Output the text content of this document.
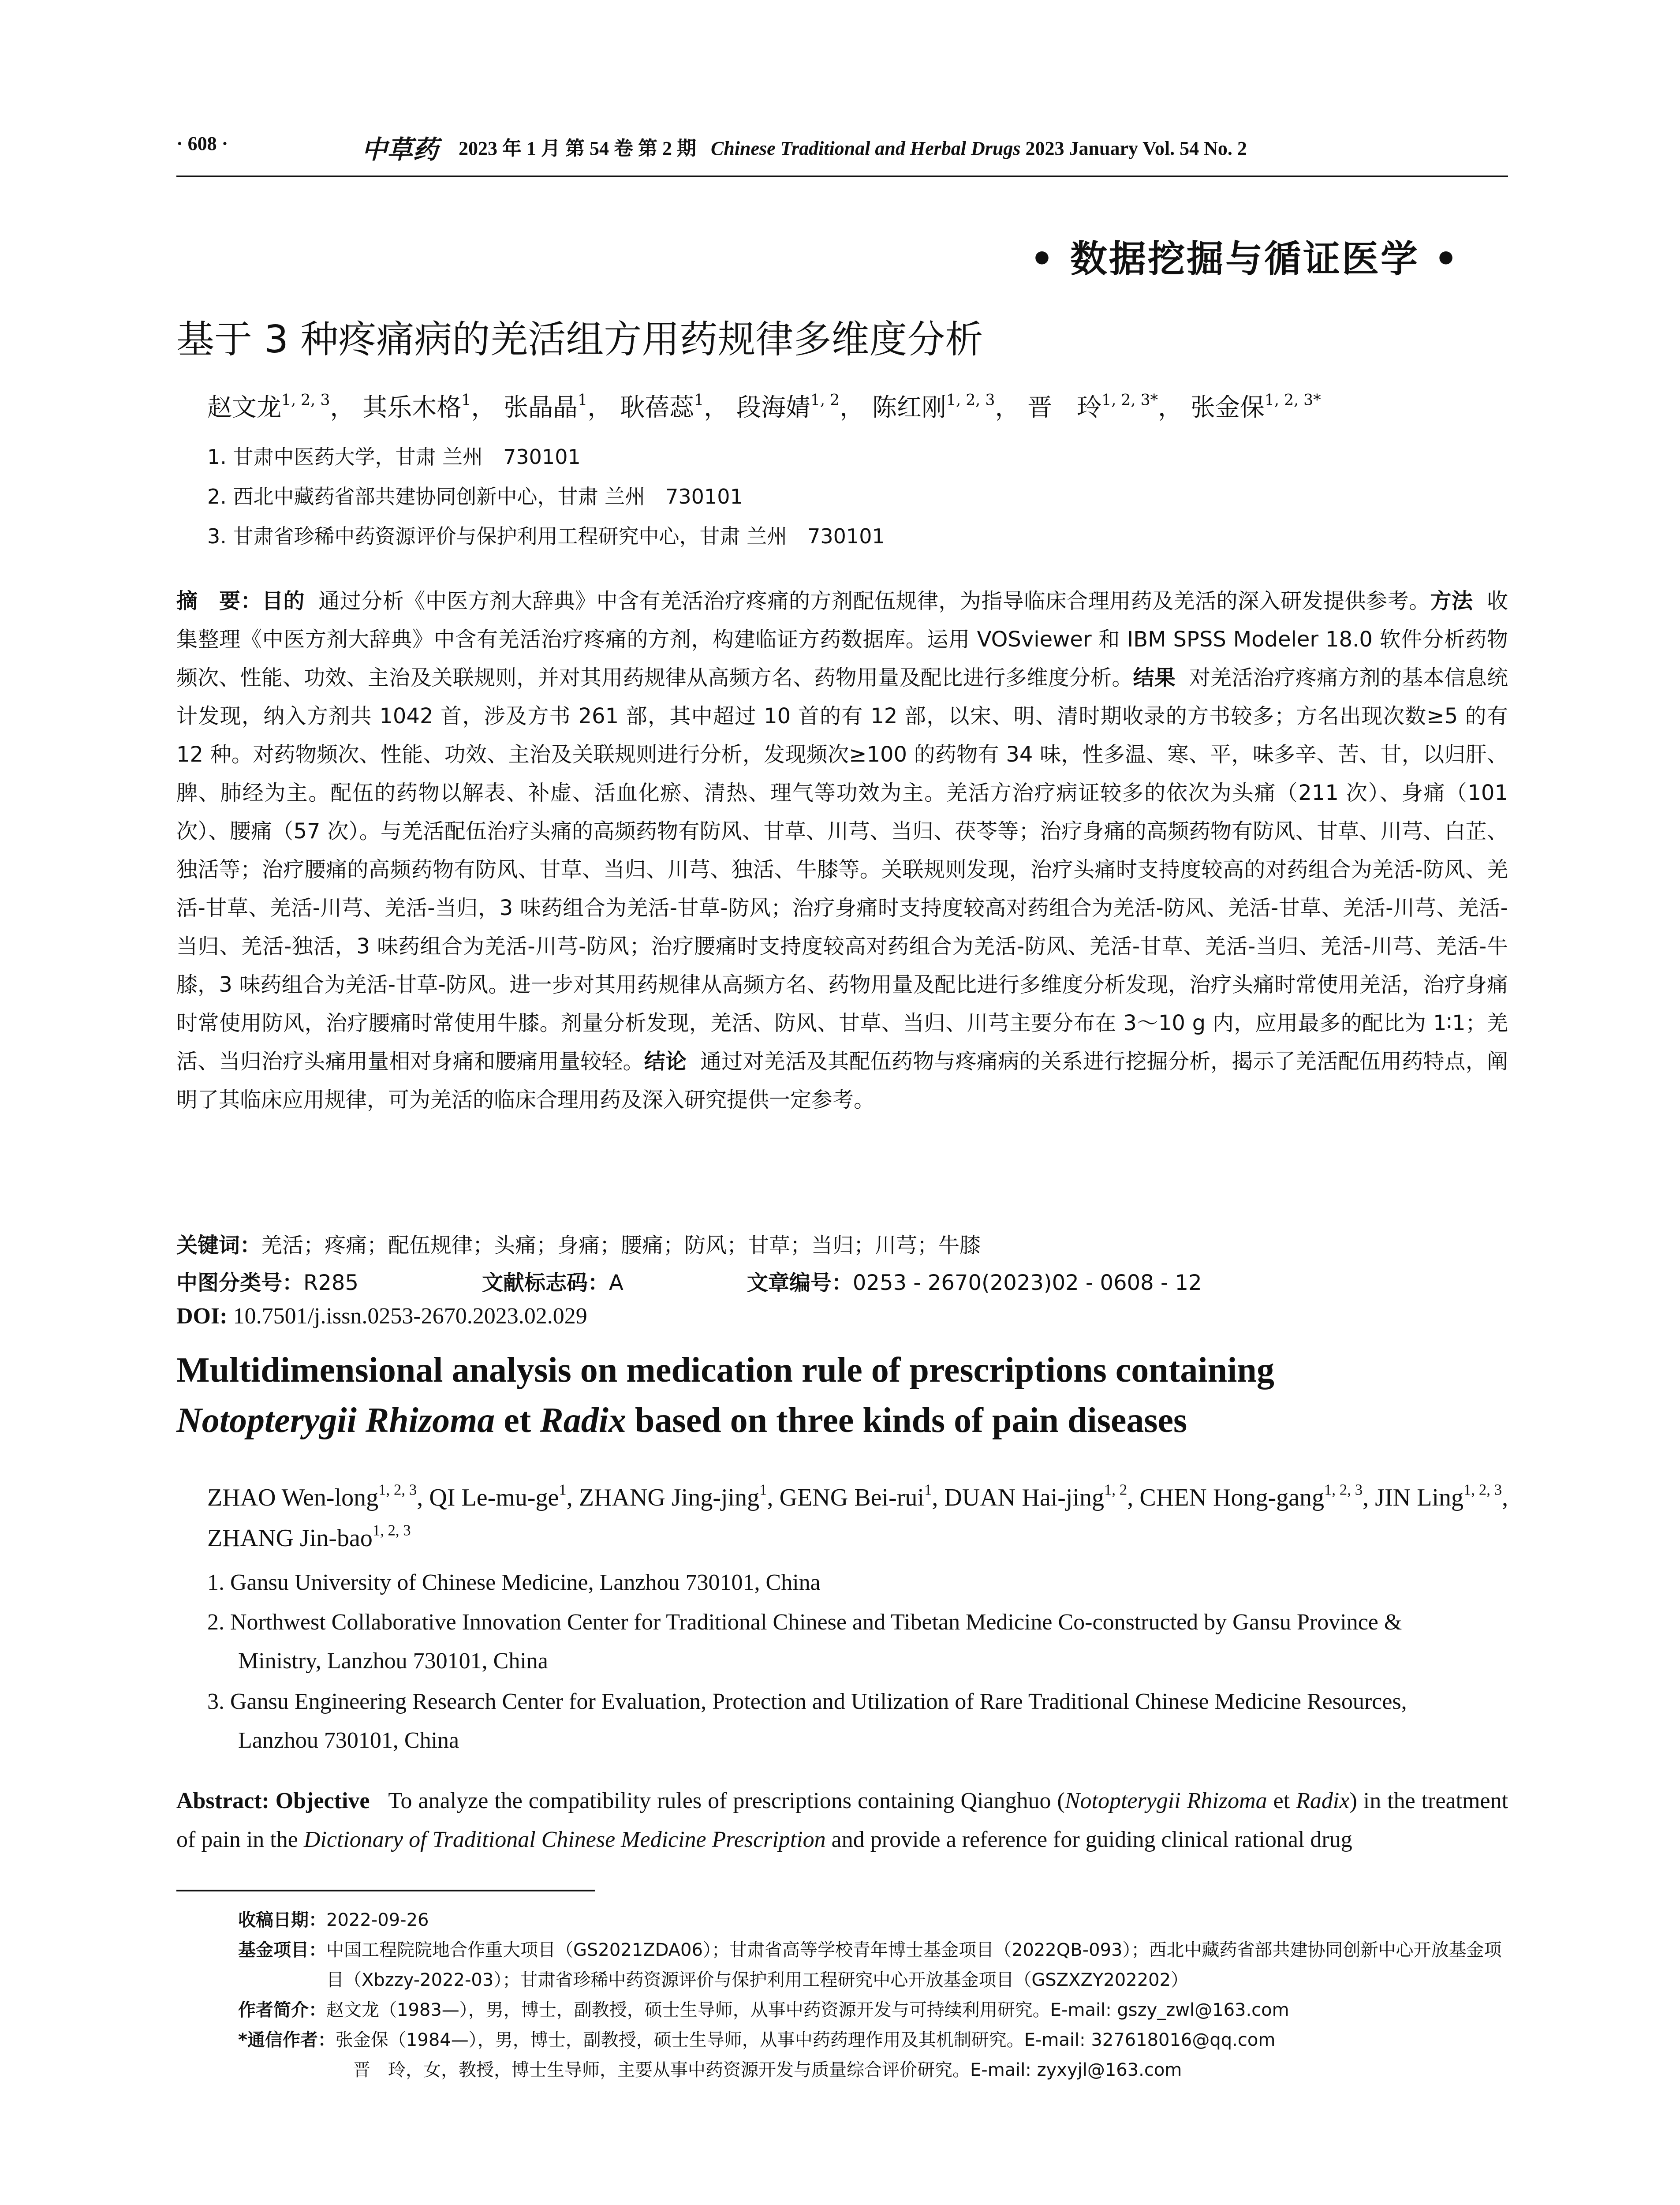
· 608 ·	中草药 2023 年 1 月 第 54 卷 第 2 期 Chinese Traditional and Herbal Drugs 2023 January Vol. 54 No. 2
• 数据挖掘与循证医学 •
基于 3 种疼痛病的羌活组方用药规律多维度分析
赵文龙$^{1, 2, 3}$， 其乐木格$^1$， 张晶晶$^1$， 耿蓓蕊$^1$， 段海婧$^{1, 2}$， 陈红刚$^{1, 2, 3}$， 晋　玲$^{1, 2, 3*}$， 张金保$^{1, 2, 3*}$
1. 甘肃中医药大学，甘肃 兰州　730101
2. 西北中藏药省部共建协同创新中心，甘肃 兰州　730101
3. 甘肃省珍稀中药资源评价与保护利用工程研究中心，甘肃 兰州　730101
摘　要：目的 通过分析《中医方剂大辞典》中含有羌活治疗疼痛的方剂配伍规律，为指导临床合理用药及羌活的深入研发提供参考。方法 收集整理《中医方剂大辞典》中含有羌活治疗疼痛的方剂，构建临证方药数据库。运用 VOSviewer 和 IBM SPSS Modeler 18.0 软件分析药物频次、性能、功效、主治及关联规则，并对其用药规律从高频方名、药物用量及配比进行多维度分析。结果 对羌活治疗疼痛方剂的基本信息统计发现，纳入方剂共 1042 首，涉及方书 261 部，其中超过 10 首的有 12 部，以宋、明、清时期收录的方书较多；方名出现次数≥5 的有 12 种。对药物频次、性能、功效、主治及关联规则进行分析，发现频次≥100 的药物有 34 味，性多温、寒、平，味多辛、苦、甘，以归肝、脾、肺经为主。配伍的药物以解表、补虚、活血化瘀、清热、理气等功效为主。羌活方治疗病证较多的依次为头痛（211 次）、身痛（101 次）、腰痛（57 次）。与羌活配伍治疗头痛的高频药物有防风、甘草、川芎、当归、茯苓等；治疗身痛的高频药物有防风、甘草、川芎、白芷、独活等；治疗腰痛的高频药物有防风、甘草、当归、川芎、独活、牛膝等。关联规则发现，治疗头痛时支持度较高的对药组合为羌活-防风、羌活-甘草、羌活-川芎、羌活-当归，3 味药组合为羌活-甘草-防风；治疗身痛时支持度较高对药组合为羌活-防风、羌活-甘草、羌活-川芎、羌活-当归、羌活-独活，3 味药组合为羌活-川芎-防风；治疗腰痛时支持度较高对药组合为羌活-防风、羌活-甘草、羌活-当归、羌活-川芎、羌活-牛膝，3 味药组合为羌活-甘草-防风。进一步对其用药规律从高频方名、药物用量及配比进行多维度分析发现，治疗头痛时常使用羌活，治疗身痛时常使用防风，治疗腰痛时常使用牛膝。剂量分析发现，羌活、防风、甘草、当归、川芎主要分布在 3～10 g 内，应用最多的配比为 1∶1；羌活、当归治疗头痛用量相对身痛和腰痛用量较轻。结论 通过对羌活及其配伍药物与疼痛病的关系进行挖掘分析，揭示了羌活配伍用药特点，阐明了其临床应用规律，可为羌活的临床合理用药及深入研究提供一定参考。
关键词：羌活；疼痛；配伍规律；头痛；身痛；腰痛；防风；甘草；当归；川芎；牛膝
中图分类号：R285	文献标志码：A	文章编号：0253 - 2670(2023)02 - 0608 - 12
DOI: 10.7501/j.issn.0253-2670.2023.02.029
Multidimensional analysis on medication rule of prescriptions containing
Notopterygii Rhizoma et Radix based on three kinds of pain diseases
ZHAO Wen-long$^{1, 2, 3}$, QI $Le-mu-ge^1$, ZHANG Jing-jing$^1$, GENG Bei-rui$^1$, DUAN Hai-jing$^{1, 2}$, CHEN Hong-gang$^{1, 2, 3}$, JIN Ling$^{1, 2, 3}$, ZHANG Jin-bao$^{1, 2, 3}$
1. Gansu University of Chinese Medicine, Lanzhou 730101, China
2. Northwest Collaborative Innovation Center for Traditional Chinese and Tibetan Medicine Co-constructed by Gansu Province &
Ministry, Lanzhou 730101, China
3. Gansu Engineering Research Center for Evaluation, Protection and Utilization of Rare Traditional Chinese Medicine Resources,
Lanzhou 730101, China
Abstract: Objective To analyze the compatibility rules of prescriptions containing Qianghuo (Notopterygii Rhizoma et Radix) in the treatment of pain in the Dictionary of Traditional Chinese Medicine Prescription and provide a reference for guiding clinical rational drug
收稿日期： 2022-09-26
基金项目： 中国工程院院地合作重大项目（GS2021ZDA06）；甘肃省高等学校青年博士基金项目（2022QB-093）；西北中藏药省部共建协同创新中心开放基金项目（Xbzzy-2022-03）；甘肃省珍稀中药资源评价与保护利用工程研究中心开放基金项目（GSZXZY202202）
作者简介： 赵文龙（1983—），男，博士，副教授，硕士生导师，从事中药资源开发与可持续利用研究。E-mail: gszy_zwl@163.com
*通信作者： 张金保（1984—），男，博士，副教授，硕士生导师，从事中药药理作用及其机制研究。E-mail: 327618016@qq.com
晋　玲，女，教授，博士生导师，主要从事中药资源开发与质量综合评价研究。E-mail: zyxyjl@163.com
